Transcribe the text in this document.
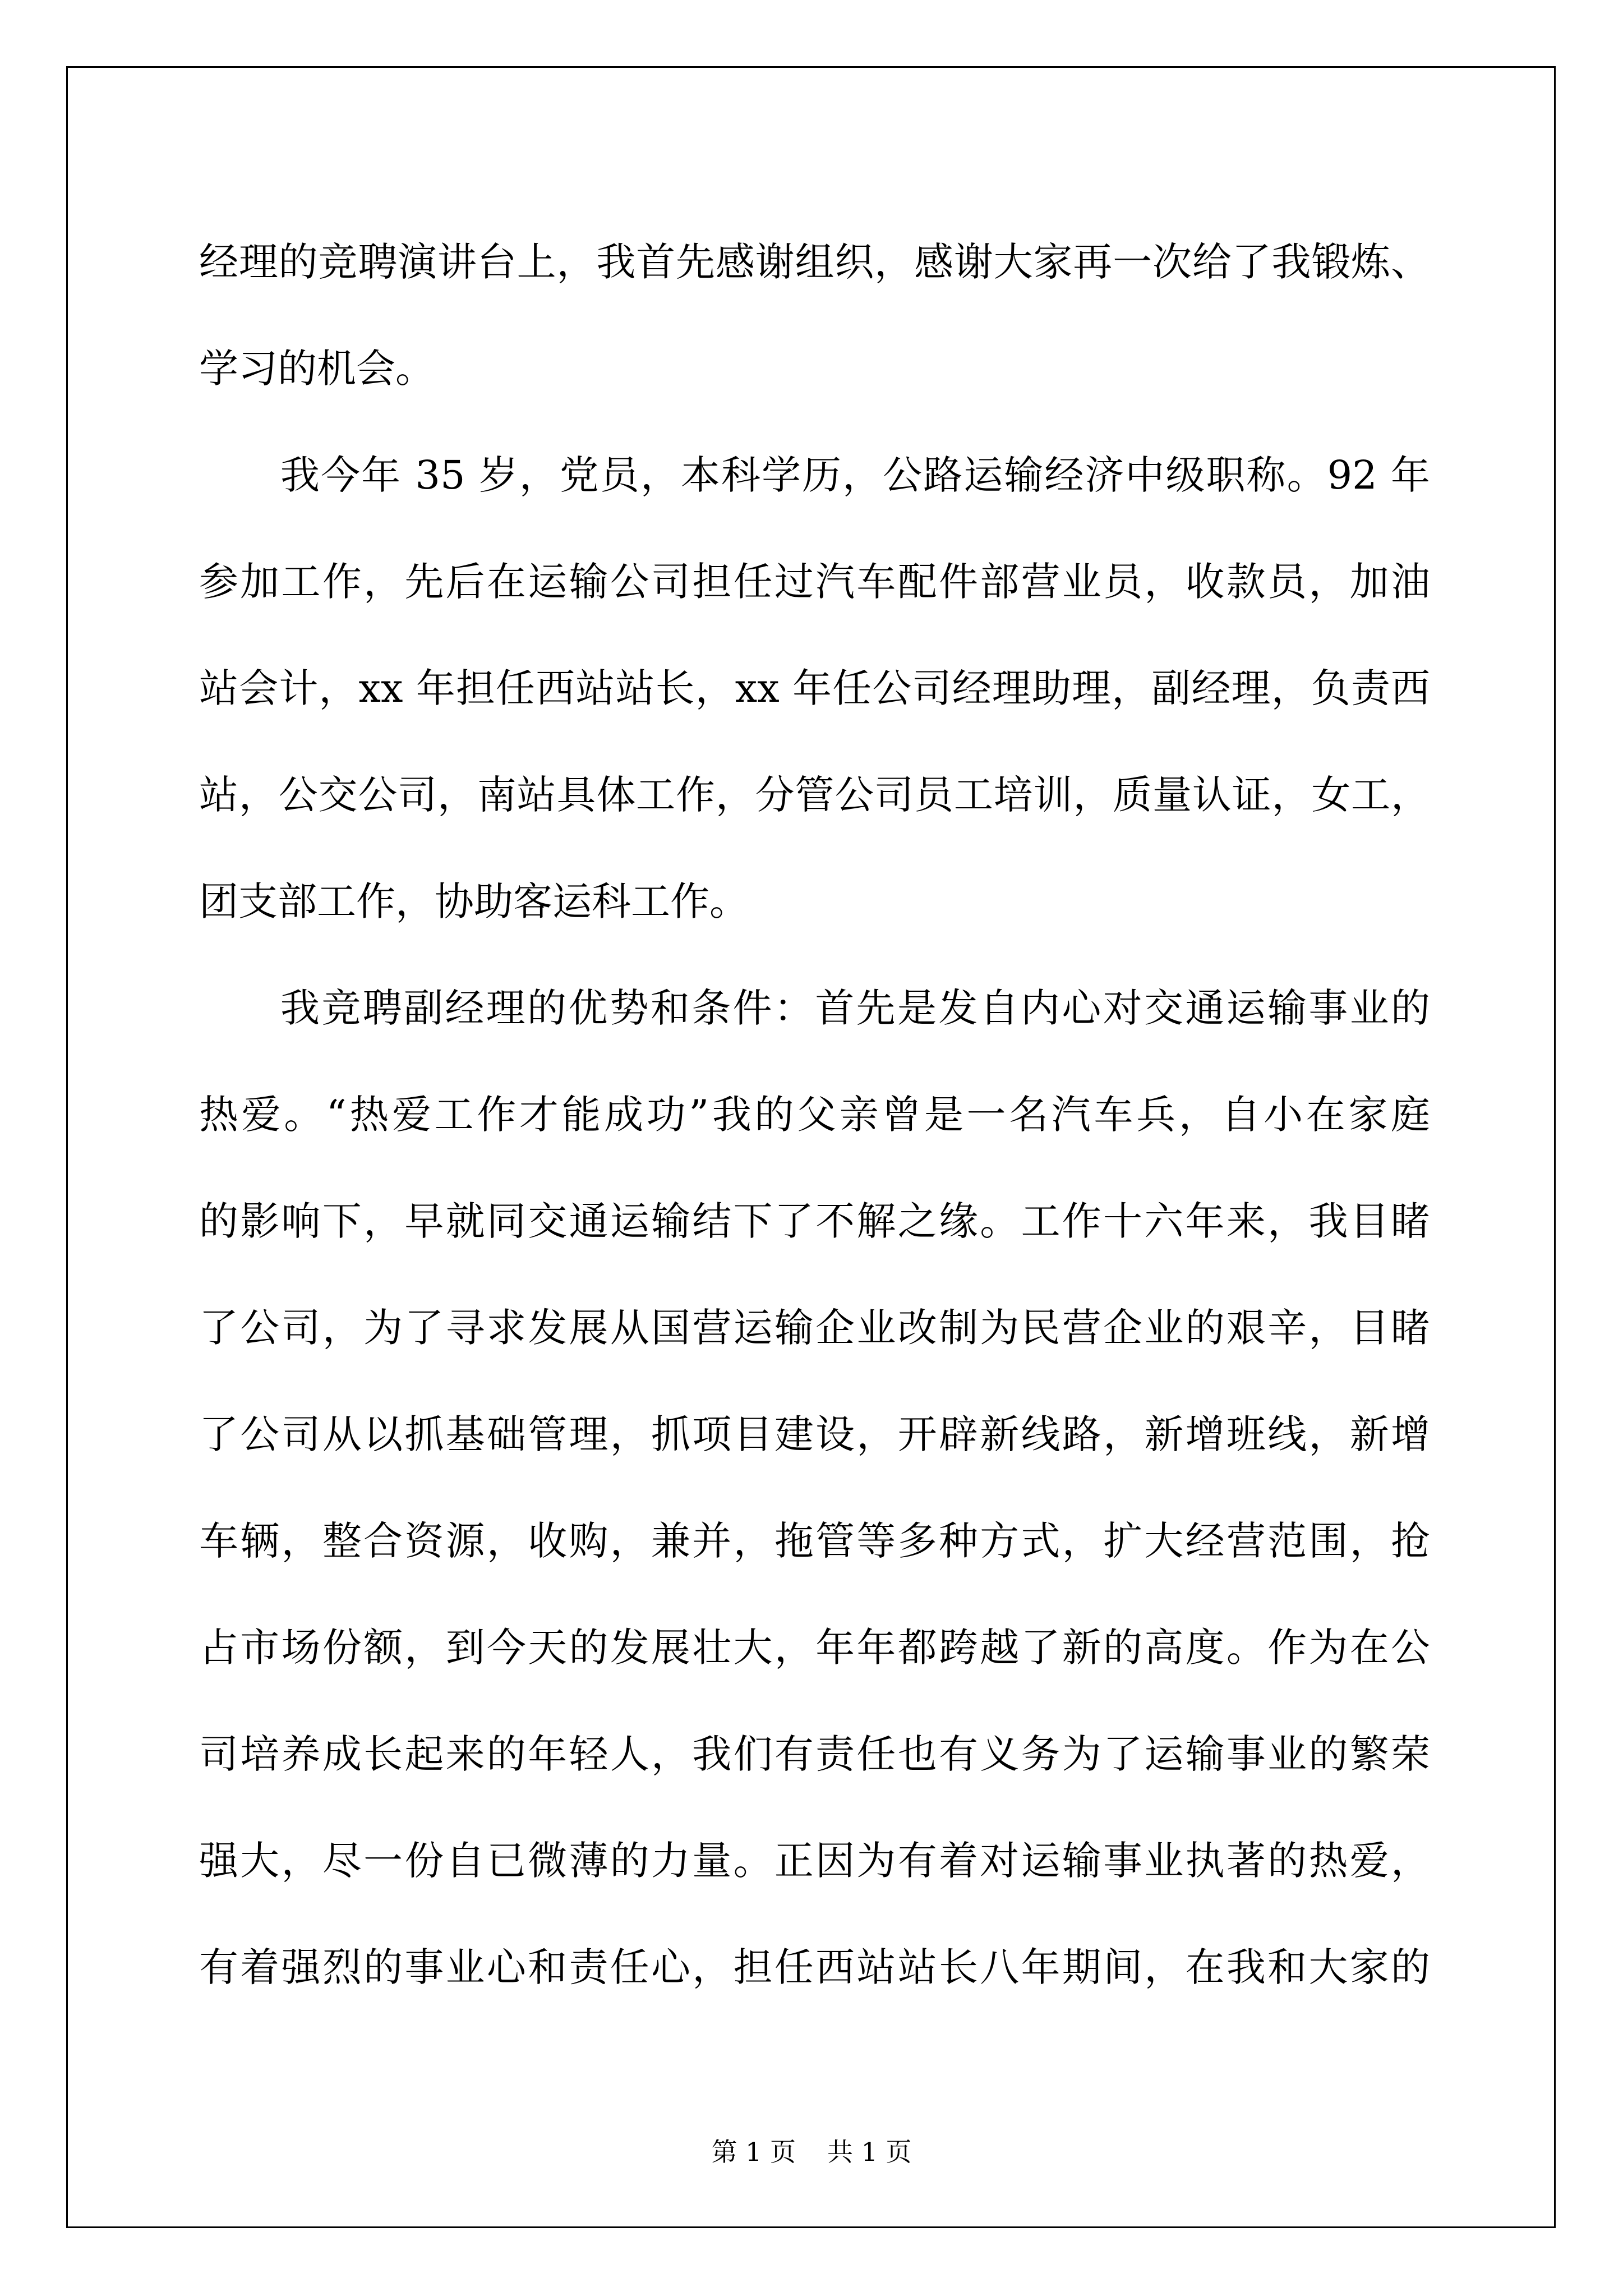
经理的竞聘演讲台上，我首先感谢组织，感谢大家再一次给了我锻炼、
学习的机会。
我今年 35 岁，党员，本科学历，公路运输经济中级职称。92 年
参加工作，先后在运输公司担任过汽车配件部营业员，收款员，加油
站会计，xx 年担任西站站长，xx 年任公司经理助理，副经理，负责西
站，公交公司，南站具体工作，分管公司员工培训，质量认证，女工，
团支部工作，协助客运科工作。
我竞聘副经理的优势和条件：首先是发自内心对交通运输事业的
热爱。“热爱工作才能成功”我的父亲曾是一名汽车兵，自小在家庭
的影响下，早就同交通运输结下了不解之缘。工作十六年来，我目睹
了公司，为了寻求发展从国营运输企业改制为民营企业的艰辛，目睹
了公司从以抓基础管理，抓项目建设，开辟新线路，新增班线，新增
车辆，整合资源，收购，兼并，拖管等多种方式，扩大经营范围，抢
占市场份额，到今天的发展壮大，年年都跨越了新的高度。作为在公
司培养成长起来的年轻人，我们有责任也有义务为了运输事业的繁荣
强大，尽一份自已微薄的力量。正因为有着对运输事业执著的热爱，
有着强烈的事业心和责任心，担任西站站长八年期间，在我和大家的
第 1 页 共 1 页
